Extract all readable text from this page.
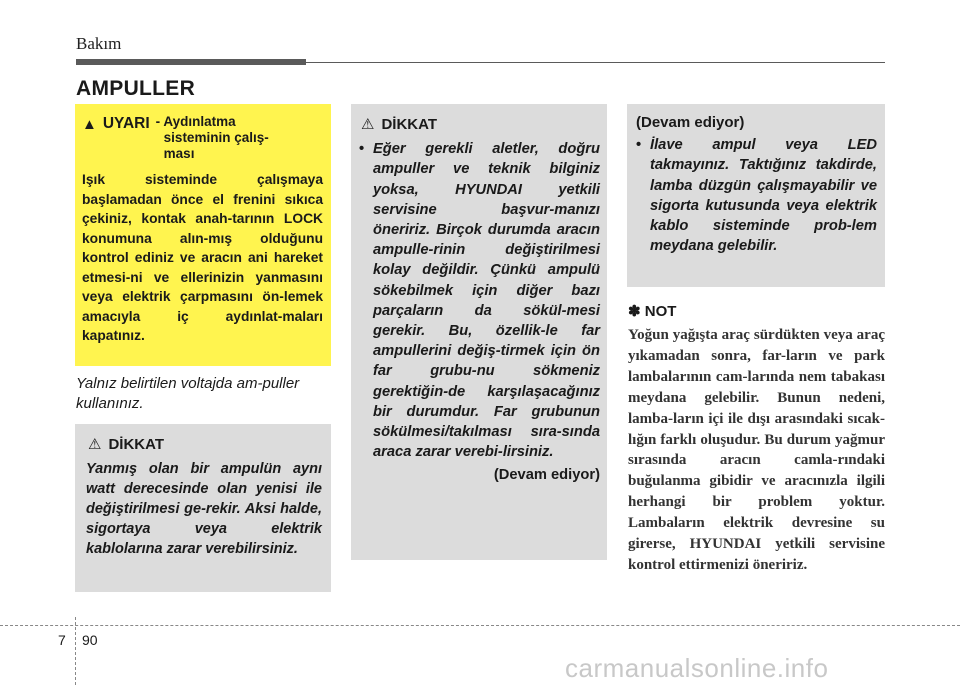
Bakım
AMPULLER
▲ UYARI - Aydınlatma
sisteminin çalış-
ması
Işık sisteminde çalışmaya başlamadan önce el frenini sıkıca çekiniz, kontak anah-tarının LOCK konumuna alın-mış olduğunu kontrol ediniz ve aracın ani hareket etmesi-ni ve ellerinizin yanmasını veya elektrik çarpmasını ön-lemek amacıyla iç aydınlat-maları kapatınız.
Yalnız belirtilen voltajda am-puller kullanınız.
⚠ DİKKAT
Yanmış olan bir ampulün aynı watt derecesinde olan yenisi ile değiştirilmesi ge-rekir. Aksi halde, sigortaya veya elektrik kablolarına zarar verebilirsiniz.
⚠ DİKKAT
• Eğer gerekli aletler, doğru ampuller ve teknik bilginiz yoksa, HYUNDAI yetkili servisine başvur-manızı öneririz. Birçok durumda aracın ampulle-rinin değiştirilmesi kolay değildir. Çünkü ampulü sökebilmek için diğer bazı parçaların da sökül-mesi gerekir. Bu, özellik-le far ampullerini değiş-tirmek için ön far grubu-nu sökmeniz gerektiğin-de karşılaşacağınız bir durumdur. Far grubunun sökülmesi/takılması sıra-sında araca zarar verebi-lirsiniz.
(Devam ediyor)
(Devam ediyor)
• İlave ampul veya LED takmayınız. Taktığınız takdirde, lamba düzgün çalışmayabilir ve sigorta kutusunda veya elektrik kablo sisteminde prob-lem meydana gelebilir.
✽ NOT
Yoğun yağışta araç sürdükten veya araç yıkamadan sonra, far-ların ve park lambalarının cam-larında nem tabakası meydana gelebilir. Bunun nedeni, lamba-ların içi ile dışı arasındaki sıcak-lığın farklı oluşudur. Bu durum yağmur sırasında aracın camla-rındaki buğulanma gibidir ve aracınızla ilgili herhangi bir problem yoktur. Lambaların elektrik devresine su girerse, HYUNDAI yetkili servisine kontrol ettirmenizi öneririz.
7 90
carmanualsonline.info
